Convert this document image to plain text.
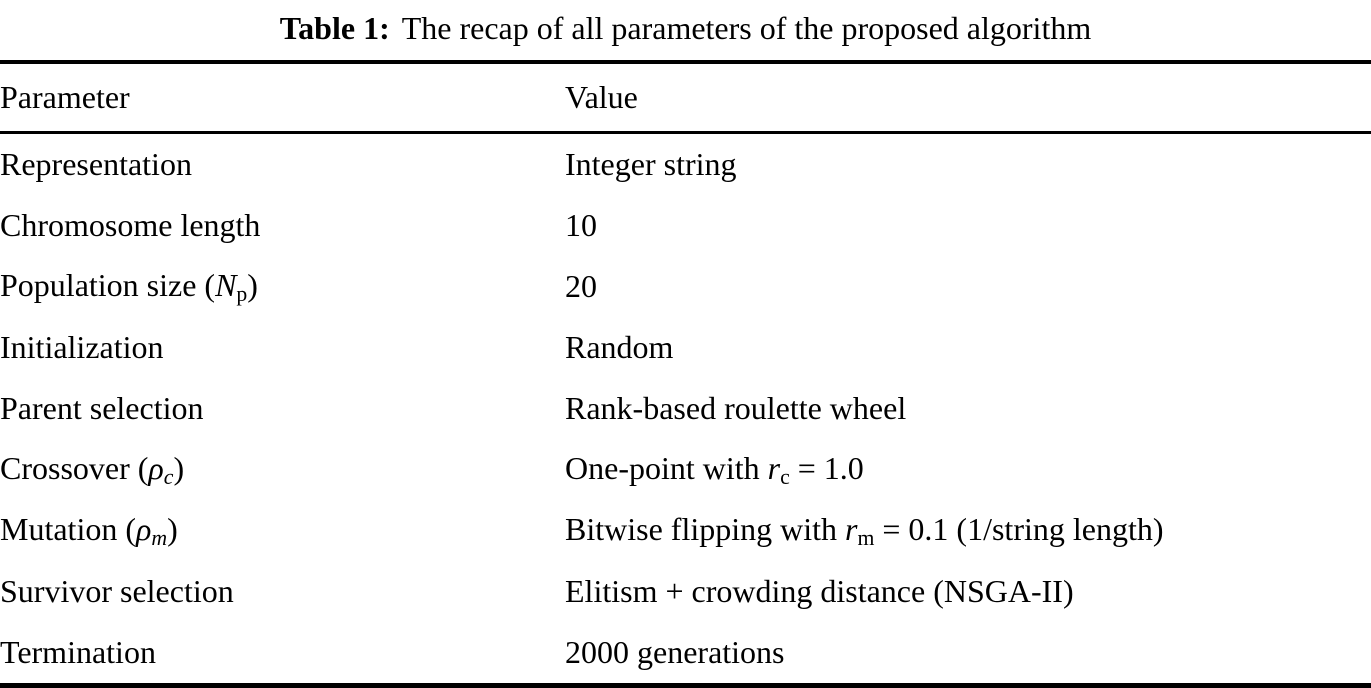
Table 1: The recap of all parameters of the proposed algorithm
Parameter	Value
Representation	Integer string
Chromosome length	10
Population size (Np)	20
Initialization	Random
Parent selection	Rank-based roulette wheel
Crossover (ρc)	One-point with rc = 1.0
Mutation (ρm)	Bitwise flipping with rm = 0.1 (1/string length)
Survivor selection	Elitism + crowding distance (NSGA-II)
Termination	2000 generations
